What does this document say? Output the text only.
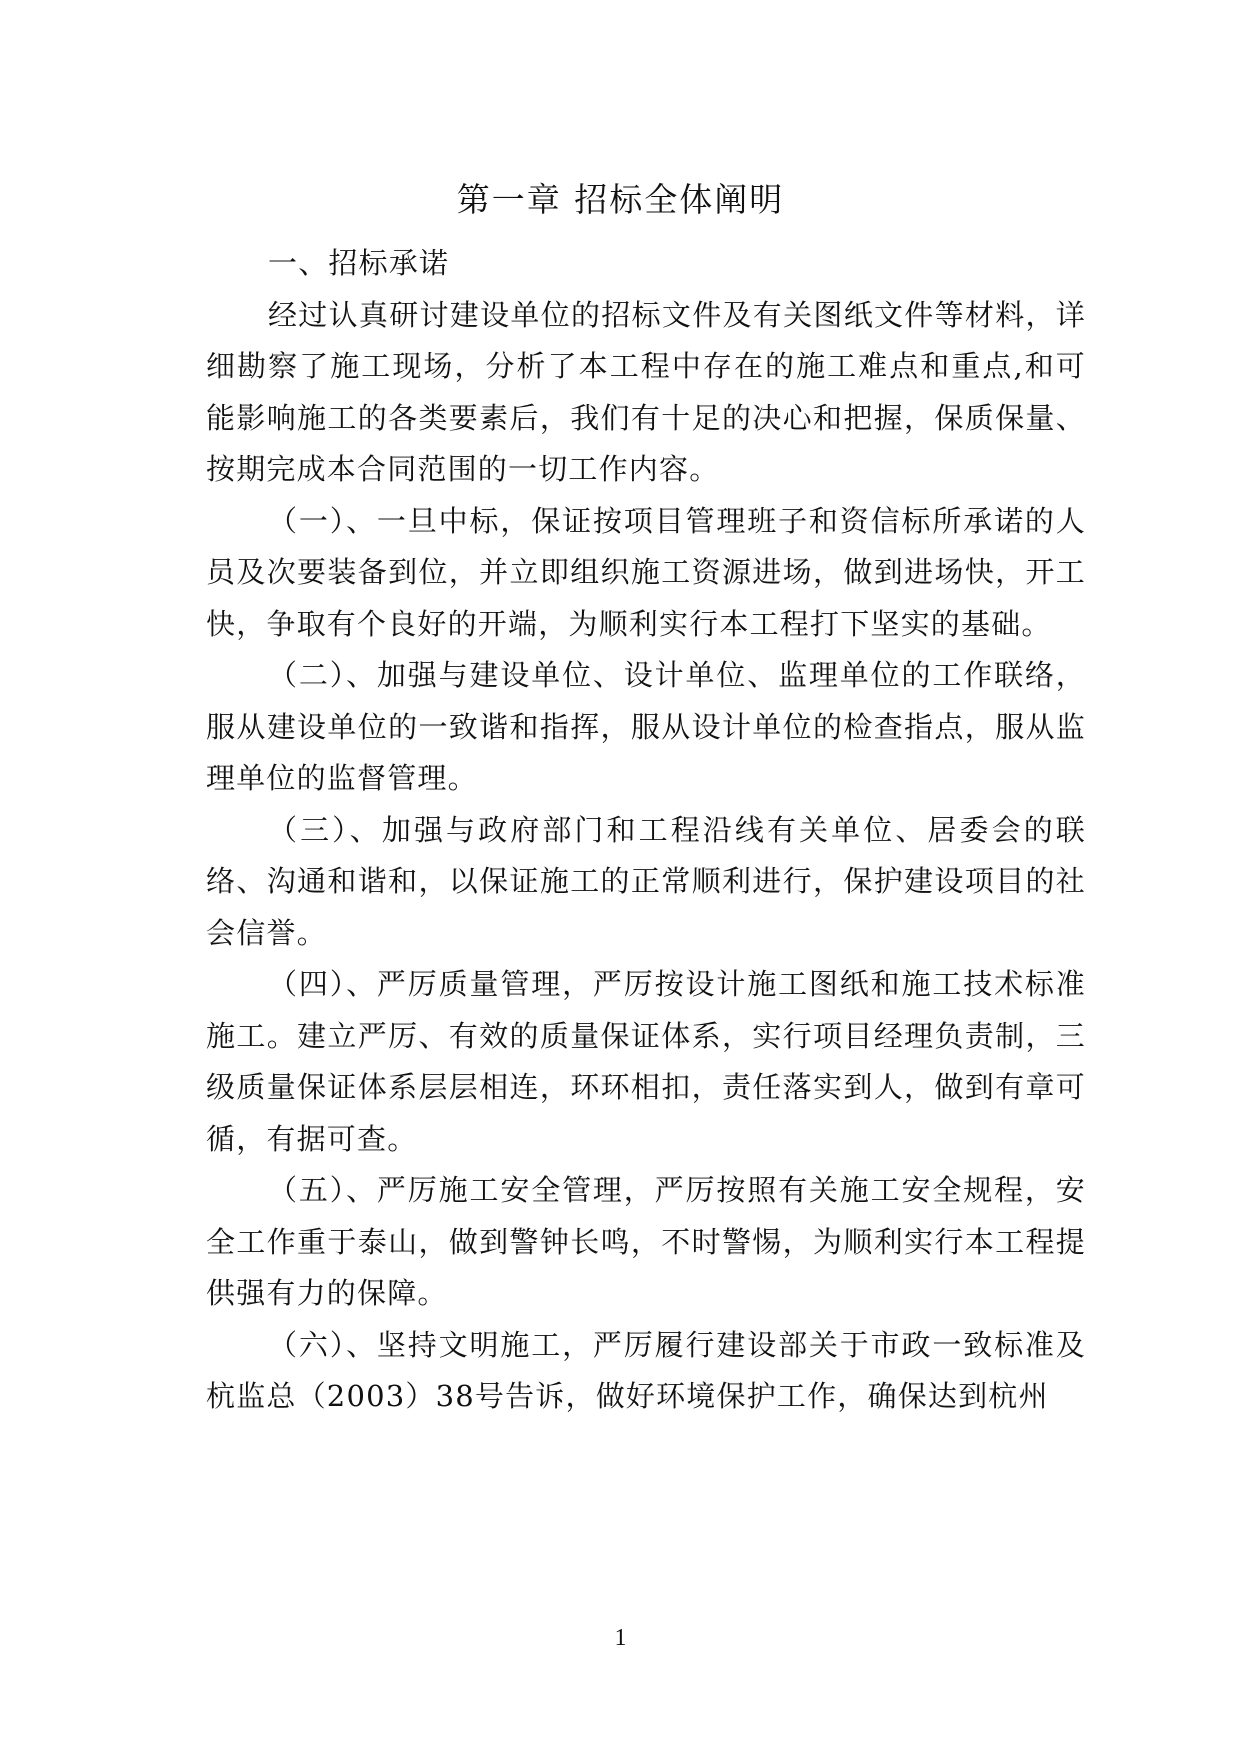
第一章 招标全体阐明

一、招标承诺

经过认真研讨建设单位的招标文件及有关图纸文件等材料，详细勘察了施工现场，分析了本工程中存在的施工难点和重点,和可能影响施工的各类要素后，我们有十足的决心和把握，保质保量、按期完成本合同范围的一切工作内容。

（一）、一旦中标，保证按项目管理班子和资信标所承诺的人员及次要装备到位，并立即组织施工资源进场，做到进场快，开工快，争取有个良好的开端，为顺利实行本工程打下坚实的基础。

（二）、加强与建设单位、设计单位、监理单位的工作联络，服从建设单位的一致谐和指挥，服从设计单位的检查指点，服从监理单位的监督管理。

（三）、加强与政府部门和工程沿线有关单位、居委会的联络、沟通和谐和，以保证施工的正常顺利进行，保护建设项目的社会信誉。

（四）、严厉质量管理，严厉按设计施工图纸和施工技术标准施工。建立严厉、有效的质量保证体系，实行项目经理负责制，三级质量保证体系层层相连，环环相扣，责任落实到人，做到有章可循，有据可查。

（五）、严厉施工安全管理，严厉按照有关施工安全规程，安全工作重于泰山，做到警钟长鸣，不时警惕，为顺利实行本工程提供强有力的保障。

（六）、坚持文明施工，严厉履行建设部关于市政一致标准及杭监总（2003）38号告诉，做好环境保护工作，确保达到杭州

1
